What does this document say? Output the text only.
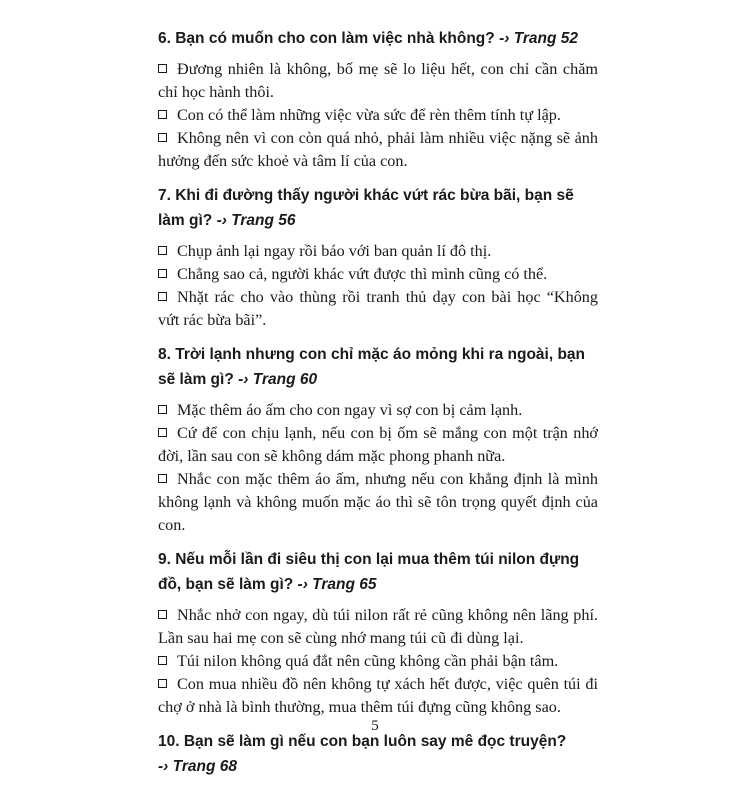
6. Bạn có muốn cho con làm việc nhà không? -› Trang 52
Đương nhiên là không, bố mẹ sẽ lo liệu hết, con chỉ cần chăm chỉ học hành thôi.
Con có thể làm những việc vừa sức để rèn thêm tính tự lập.
Không nên vì con còn quá nhỏ, phải làm nhiều việc nặng sẽ ảnh hưởng đến sức khoẻ và tâm lí của con.
7. Khi đi đường thấy người khác vứt rác bừa bãi, bạn sẽ làm gì? -› Trang 56
Chụp ảnh lại ngay rồi báo với ban quản lí đô thị.
Chẳng sao cả, người khác vứt được thì mình cũng có thể.
Nhặt rác cho vào thùng rồi tranh thủ dạy con bài học “Không vứt rác bừa bãi”.
8. Trời lạnh nhưng con chỉ mặc áo mỏng khi ra ngoài, bạn sẽ làm gì? -› Trang 60
Mặc thêm áo ấm cho con ngay vì sợ con bị cảm lạnh.
Cứ để con chịu lạnh, nếu con bị ốm sẽ mắng con một trận nhớ đời, lần sau con sẽ không dám mặc phong phanh nữa.
Nhắc con mặc thêm áo ấm, nhưng nếu con khẳng định là mình không lạnh và không muốn mặc áo thì sẽ tôn trọng quyết định của con.
9. Nếu mỗi lần đi siêu thị con lại mua thêm túi nilon đựng đồ, bạn sẽ làm gì? -› Trang 65
Nhắc nhở con ngay, dù túi nilon rất rẻ cũng không nên lãng phí. Lần sau hai mẹ con sẽ cùng nhớ mang túi cũ đi dùng lại.
Túi nilon không quá đắt nên cũng không cần phải bận tâm.
Con mua nhiều đồ nên không tự xách hết được, việc quên túi đi chợ ở nhà là bình thường, mua thêm túi đựng cũng không sao.
10. Bạn sẽ làm gì nếu con bạn luôn say mê đọc truyện? -› Trang 68
5
